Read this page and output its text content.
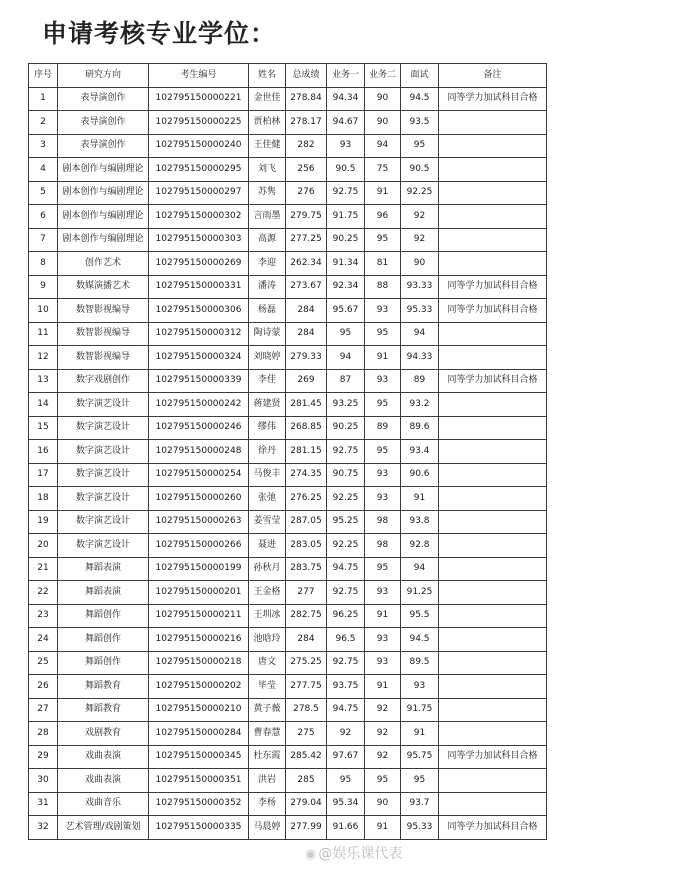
申请考核专业学位：
序号	研究方向	考生编号	姓名	总成绩	业务一	业务二	面试	备注
1	表导演创作	102795150000221	金世佳	278.84	94.34	90	94.5	同等学力加试科目合格
2	表导演创作	102795150000225	贾柏林	278.17	94.67	90	93.5	
3	表导演创作	102795150000240	王佳健	282	93	94	95	
4	剧本创作与编剧理论	102795150000295	刘飞	256	90.5	75	90.5	
5	剧本创作与编剧理论	102795150000297	苏隽	276	92.75	91	92.25	
6	剧本创作与编剧理论	102795150000302	言雨墨	279.75	91.75	96	92	
7	剧本创作与编剧理论	102795150000303	高源	277.25	90.25	95	92	
8	创作艺术	102795150000269	李迎	262.34	91.34	81	90	
9	数媒演播艺术	102795150000331	潘涛	273.67	92.34	88	93.33	同等学力加试科目合格
10	数智影视编导	102795150000306	杨磊	284	95.67	93	95.33	同等学力加试科目合格
11	数智影视编导	102795150000312	陶诗蒙	284	95	95	94	
12	数智影视编导	102795150000324	刘晓婷	279.33	94	91	94.33	
13	数字戏剧创作	102795150000339	李佳	269	87	93	89	同等学力加试科目合格
14	数字演艺设计	102795150000242	蒋建贤	281.45	93.25	95	93.2	
15	数字演艺设计	102795150000246	缪伟	268.85	90.25	89	89.6	
16	数字演艺设计	102795150000248	徐丹	281.15	92.75	95	93.4	
17	数字演艺设计	102795150000254	马俊丰	274.35	90.75	93	90.6	
18	数字演艺设计	102795150000260	张弛	276.25	92.25	93	91	
19	数字演艺设计	102795150000263	姜雪莹	287.05	95.25	98	93.8	
20	数字演艺设计	102795150000266	聂进	283.05	92.25	98	92.8	
21	舞蹈表演	102795150000199	孙秋月	283.75	94.75	95	94	
22	舞蹈表演	102795150000201	王金格	277	92.75	93	91.25	
23	舞蹈创作	102795150000211	王圳冰	282.75	96.25	91	95.5	
24	舞蹈创作	102795150000216	池晗玲	284	96.5	93	94.5	
25	舞蹈创作	102795150000218	唐文	275.25	92.75	93	89.5	
26	舞蹈教育	102795150000202	毕莹	277.75	93.75	91	93	
27	舞蹈教育	102795150000210	黄子薇	278.5	94.75	92	91.75	
28	戏剧教育	102795150000284	曹春慧	275	92	92	91	
29	戏曲表演	102795150000345	杜东霞	285.42	97.67	92	95.75	同等学力加试科目合格
30	戏曲表演	102795150000351	洪岩	285	95	95	95	
31	戏曲音乐	102795150000352	李杨	279.04	95.34	90	93.7	
32	艺术管理/戏剧策划	102795150000335	马晨婷	277.99	91.66	91	95.33	同等学力加试科目合格
◉ @娱乐课代表
